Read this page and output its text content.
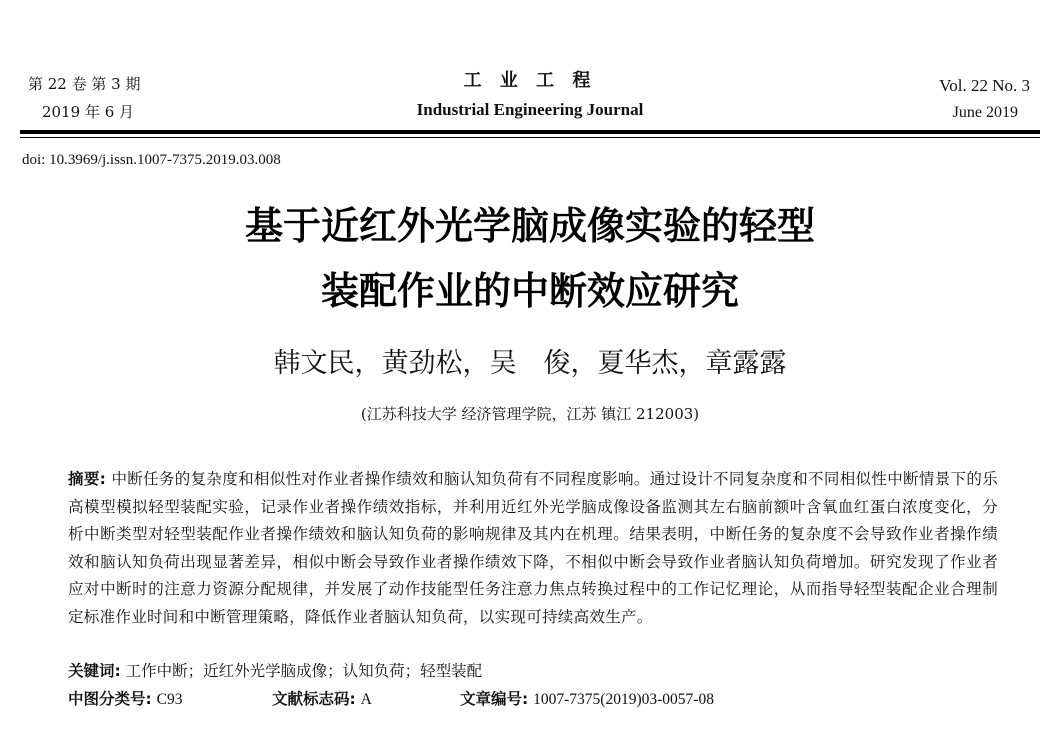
第 22 卷 第 3 期
2019 年 6 月
工 业 工 程
Industrial Engineering Journal
Vol. 22 No. 3
June 2019
doi: 10.3969/j.issn.1007-7375.2019.03.008
基于近红外光学脑成像实验的轻型
装配作业的中断效应研究
韩文民，黄劲松，吴　俊，夏华杰，章露露
(江苏科技大学 经济管理学院，江苏 镇江 212003)
摘要: 中断任务的复杂度和相似性对作业者操作绩效和脑认知负荷有不同程度影响。通过设计不同复杂度和不同相似性中断情景下的乐高模型模拟轻型装配实验，记录作业者操作绩效指标，并利用近红外光学脑成像设备监测其左右脑前额叶含氧血红蛋白浓度变化，分析中断类型对轻型装配作业者操作绩效和脑认知负荷的影响规律及其内在机理。结果表明，中断任务的复杂度不会导致作业者操作绩效和脑认知负荷出现显著差异，相似中断会导致作业者操作绩效下降，不相似中断会导致作业者脑认知负荷增加。研究发现了作业者应对中断时的注意力资源分配规律，并发展了动作技能型任务注意力焦点转换过程中的工作记忆理论，从而指导轻型装配企业合理制定标准作业时间和中断管理策略，降低作业者脑认知负荷，以实现可持续高效生产。
关键词: 工作中断；近红外光学脑成像；认知负荷；轻型装配
中图分类号: C93	文献标志码: A	文章编号: 1007-7375(2019)03-0057-08
